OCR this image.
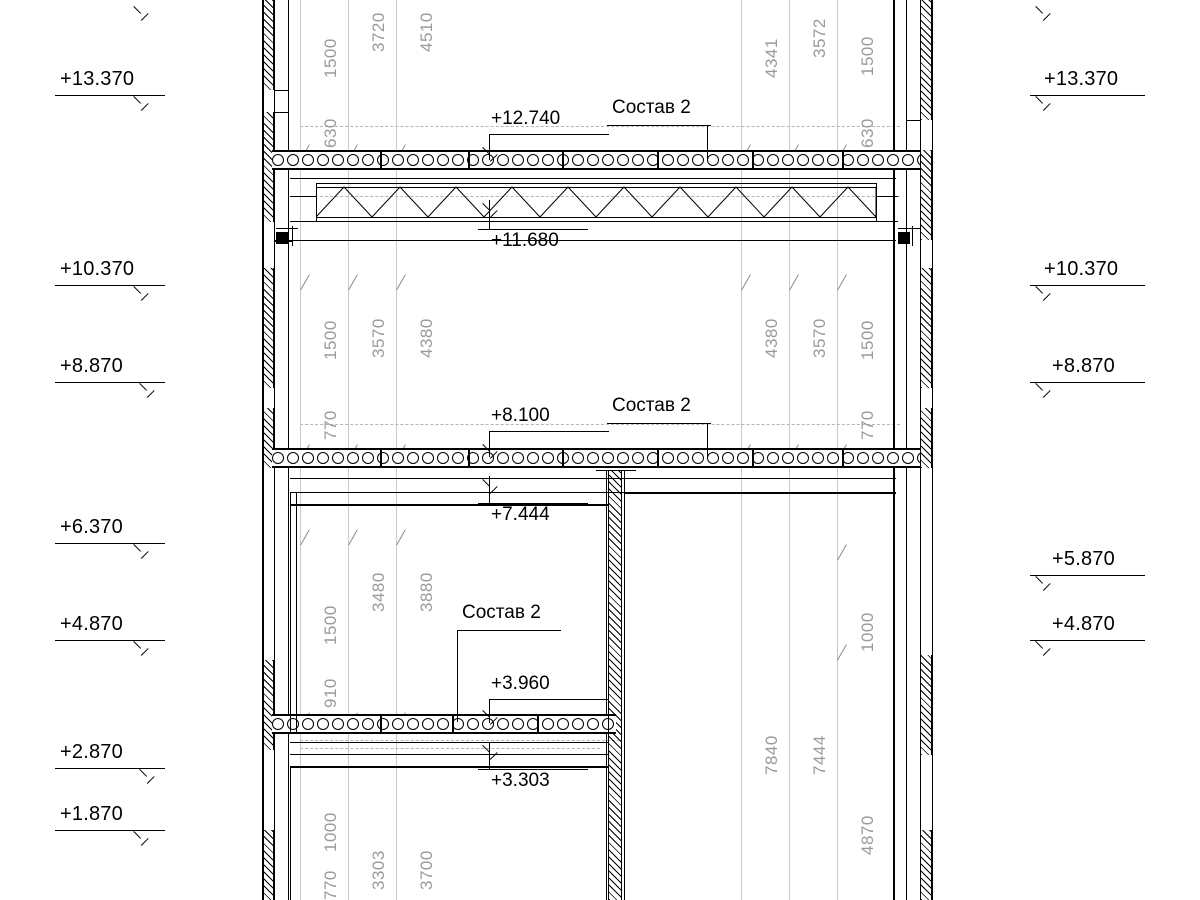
+13.370
+10.370
+8.870
+6.370
+4.870
+2.870
+1.870
+13.370
+10.370
+8.870
+5.870
+4.870
+12.740
+11.680
+8.100
+7.444
+3.960
+3.303
Состав 2
Состав 2
Состав 2
1500
3720 4510
630
1500 3570 4380
770
1500
3480 3880
910
1000
3303 3700
770
4341
3572
630
1500
4380 3570 1500
770
1000
7840 7444
4870
